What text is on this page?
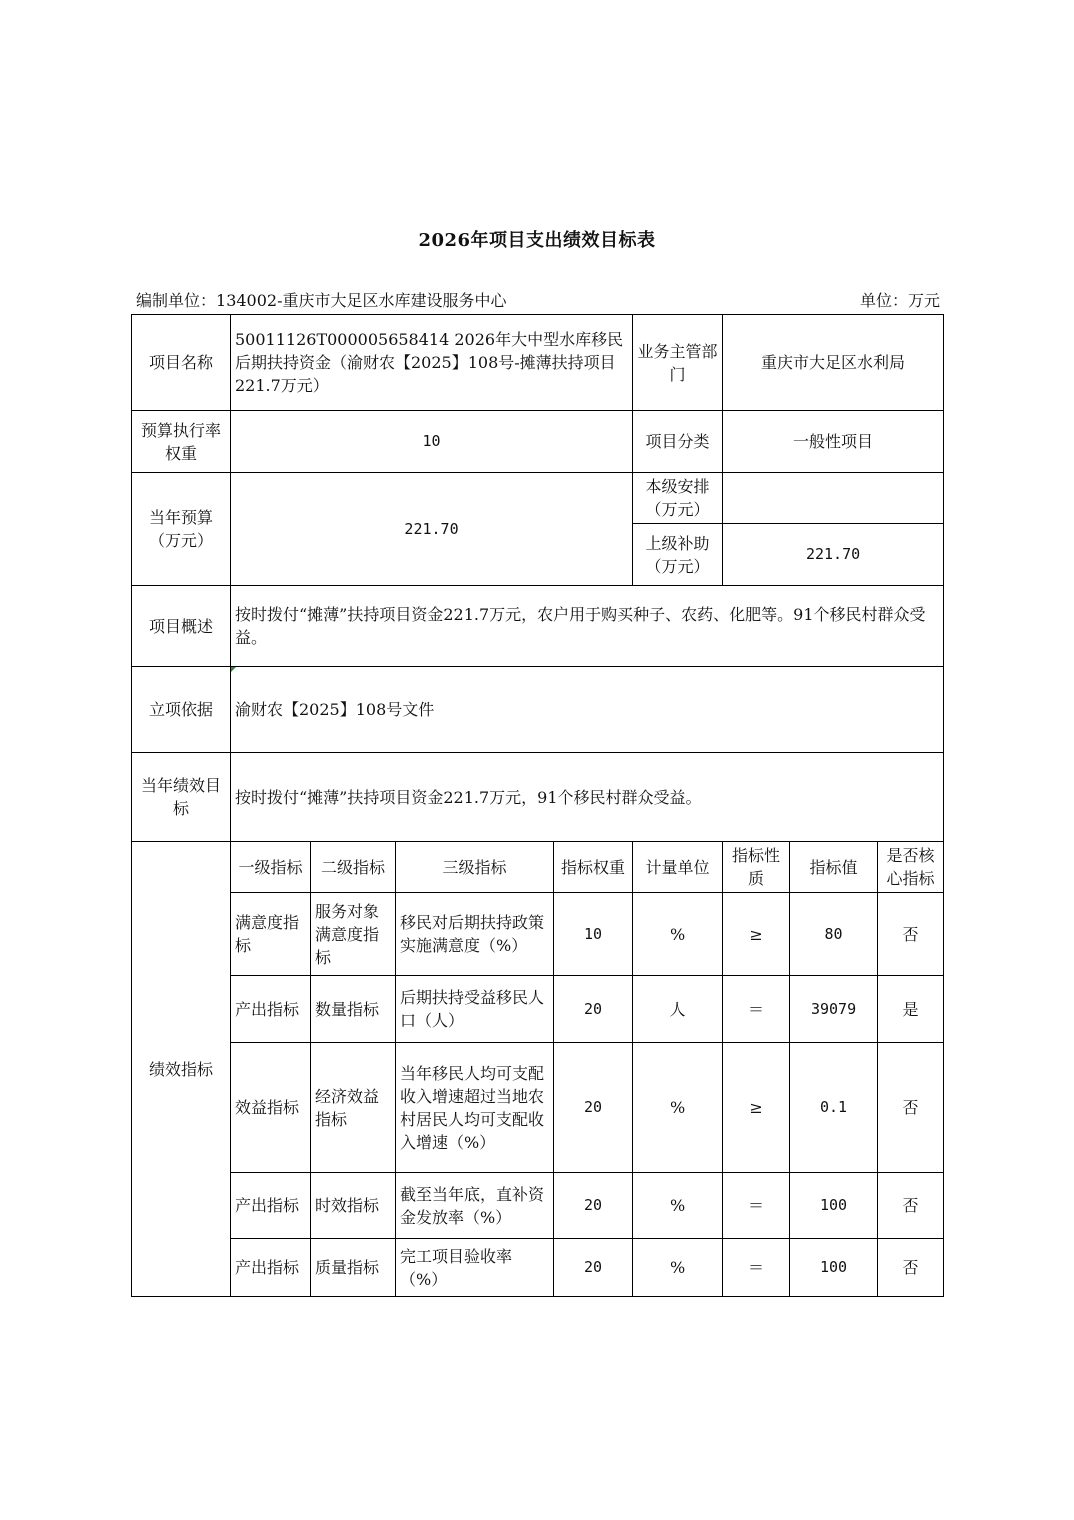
2026年项目支出绩效目标表
编制单位：134002-重庆市大足区水库建设服务中心	单位：万元
项目名称	50011126T000005658414 2026年大中型水库移民后期扶持资金（渝财农【2025】108号-摊薄扶持项目221.7万元）				业务主管部门	重庆市大足区水利局		
预算执行率权重	10				项目分类	一般性项目		
当年预算（万元）	221.70				本级安排（万元）			
					上级补助（万元）	221.70		
项目概述	按时拨付“摊薄”扶持项目资金221.7万元，农户用于购买种子、农药、化肥等。91个移民村群众受益。							
立项依据	渝财农【2025】108号文件							
当年绩效目标	按时拨付“摊薄”扶持项目资金221.7万元，91个移民村群众受益。							
绩效指标	一级指标	二级指标	三级指标	指标权重	计量单位	指标性质	指标值	是否核心指标
	满意度指标	服务对象满意度指标	移民对后期扶持政策实施满意度（%）	10	%	≥	80	否
	产出指标	数量指标	后期扶持受益移民人口（人）	20	人	＝	39079	是
	效益指标	经济效益指标	当年移民人均可支配收入增速超过当地农村居民人均可支配收入增速（%）	20	%	≥	0.1	否
	产出指标	时效指标	截至当年底，直补资金发放率（%）	20	%	＝	100	否
	产出指标	质量指标	完工项目验收率（%）	20	%	＝	100	否
